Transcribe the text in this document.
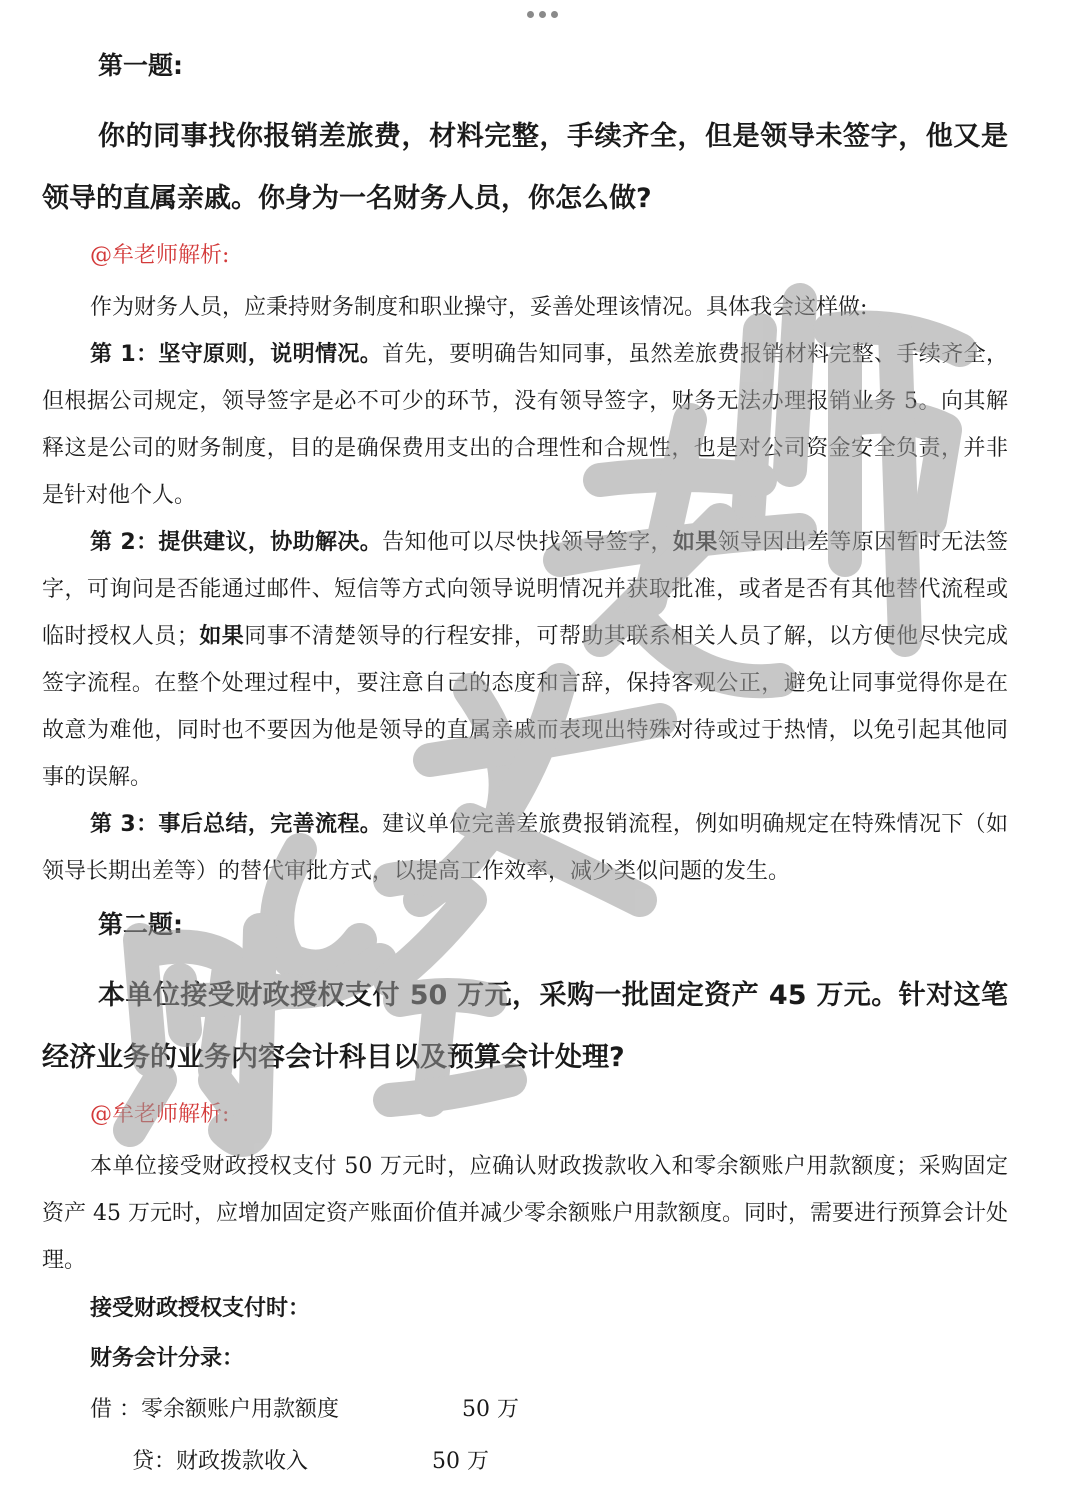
第一题:

你的同事找你报销差旅费，材料完整，手续齐全，但是领导未签字，他又是领导的直属亲戚。你身为一名财务人员，你怎么做?

@牟老师解析:

作为财务人员，应秉持财务制度和职业操守，妥善处理该情况。具体我会这样做:

第 1：坚守原则，说明情况。首先，要明确告知同事，虽然差旅费报销材料完整、手续齐全，但根据公司规定，领导签字是必不可少的环节，没有领导签字，财务无法办理报销业务 5。向其解释这是公司的财务制度，目的是确保费用支出的合理性和合规性，也是对公司资金安全负责，并非是针对他个人。

第 2：提供建议，协助解决。告知他可以尽快找领导签字，如果领导因出差等原因暂时无法签字，可询问是否能通过邮件、短信等方式向领导说明情况并获取批准，或者是否有其他替代流程或临时授权人员；如果同事不清楚领导的行程安排，可帮助其联系相关人员了解，以方便他尽快完成签字流程。在整个处理过程中，要注意自己的态度和言辞，保持客观公正，避免让同事觉得你是在故意为难他，同时也不要因为他是领导的直属亲戚而表现出特殊对待或过于热情，以免引起其他同事的误解。

第 3：事后总结，完善流程。建议单位完善差旅费报销流程，例如明确规定在特殊情况下（如领导长期出差等）的替代审批方式，以提高工作效率，减少类似问题的发生。

第二题:

本单位接受财政授权支付 50 万元，采购一批固定资产 45 万元。针对这笔经济业务的业务内容会计科目以及预算会计处理?

@牟老师解析:

本单位接受财政授权支付 50 万元时，应确认财政拨款收入和零余额账户用款额度；采购固定资产 45 万元时，应增加固定资产账面价值并减少零余额账户用款额度。同时，需要进行预算会计处理。

接受财政授权支付时：
财务会计分录：
借 ：零余额账户用款额度	50 万
贷：财政拨款收入	50 万
